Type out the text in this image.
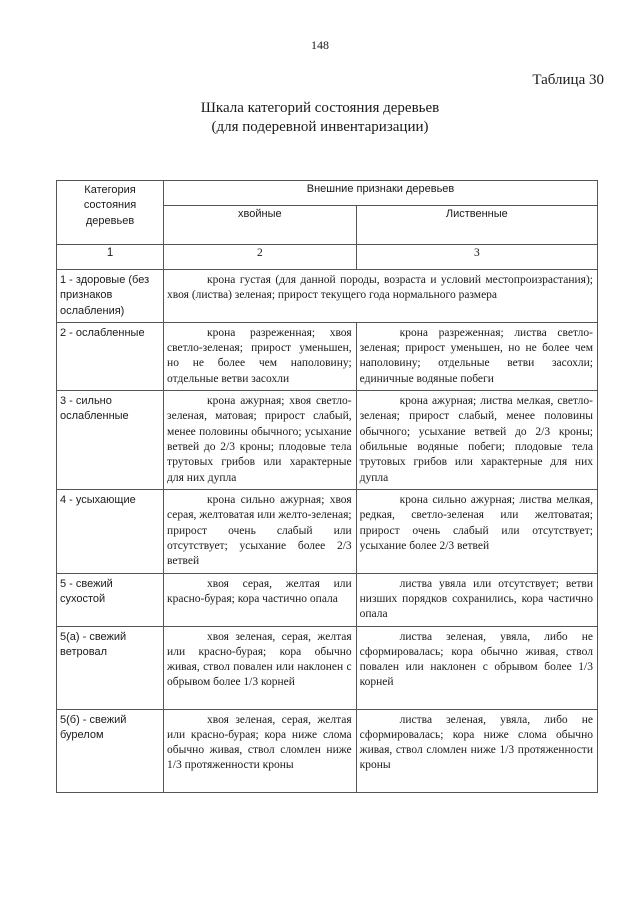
148
Таблица 30
Шкала категорий состояния деревьев
(для подеревной инвентаризации)
Категория состояния деревьев	Внешние признаки деревьев	
	хвойные	Лиственные
1	2	3
1 - здоровые (без признаков ослабления)	крона густая (для данной породы, возраста и условий местопроизрастания); хвоя (листва) зеленая; прирост текущего года нормального размера	
2 - ослабленные	крона разреженная; хвоя светло-зеленая; прирост уменьшен, но не более чем наполовину; отдельные ветви засохли	крона разреженная; листва светло-зеленая; прирост уменьшен, но не более чем наполовину; отдельные ветви засохли; единичные водяные побеги
3 - сильно ослабленные	крона ажурная; хвоя светло-зеленая, матовая; прирост слабый, менее половины обычного; усыхание ветвей до 2/3 кроны; плодовые тела трутовых грибов или характерные для них дупла	крона ажурная; листва мелкая, светло-зеленая; прирост слабый, менее половины обычного; усыхание ветвей до 2/3 кроны; обильные водяные побеги; плодовые тела трутовых грибов или характерные для них дупла
4 - усыхающие	крона сильно ажурная; хвоя серая, желтоватая или желто-зеленая; прирост очень слабый или отсутствует; усыхание более 2/3 ветвей	крона сильно ажурная; листва мелкая, редкая, светло-зеленая или желтоватая; прирост очень слабый или отсутствует; усыхание более 2/3 ветвей
5 - свежий сухостой	хвоя серая, желтая или красно-бурая; кора частично опала	листва увяла или отсутствует; ветви низших порядков сохранились, кора частично опала
5(а) - свежий ветровал	хвоя зеленая, серая, желтая или красно-бурая; кора обычно живая, ствол повален или наклонен с обрывом более 1/3 корней	листва зеленая, увяла, либо не сформировалась; кора обычно живая, ствол повален или наклонен с обрывом более 1/3 корней
5(б) - свежий бурелом	хвоя зеленая, серая, желтая или красно-бурая; кора ниже слома обычно живая, ствол сломлен ниже 1/3 протяженности кроны	листва зеленая, увяла, либо не сформировалась; кора ниже слома обычно живая, ствол сломлен ниже 1/3 протяженности кроны
